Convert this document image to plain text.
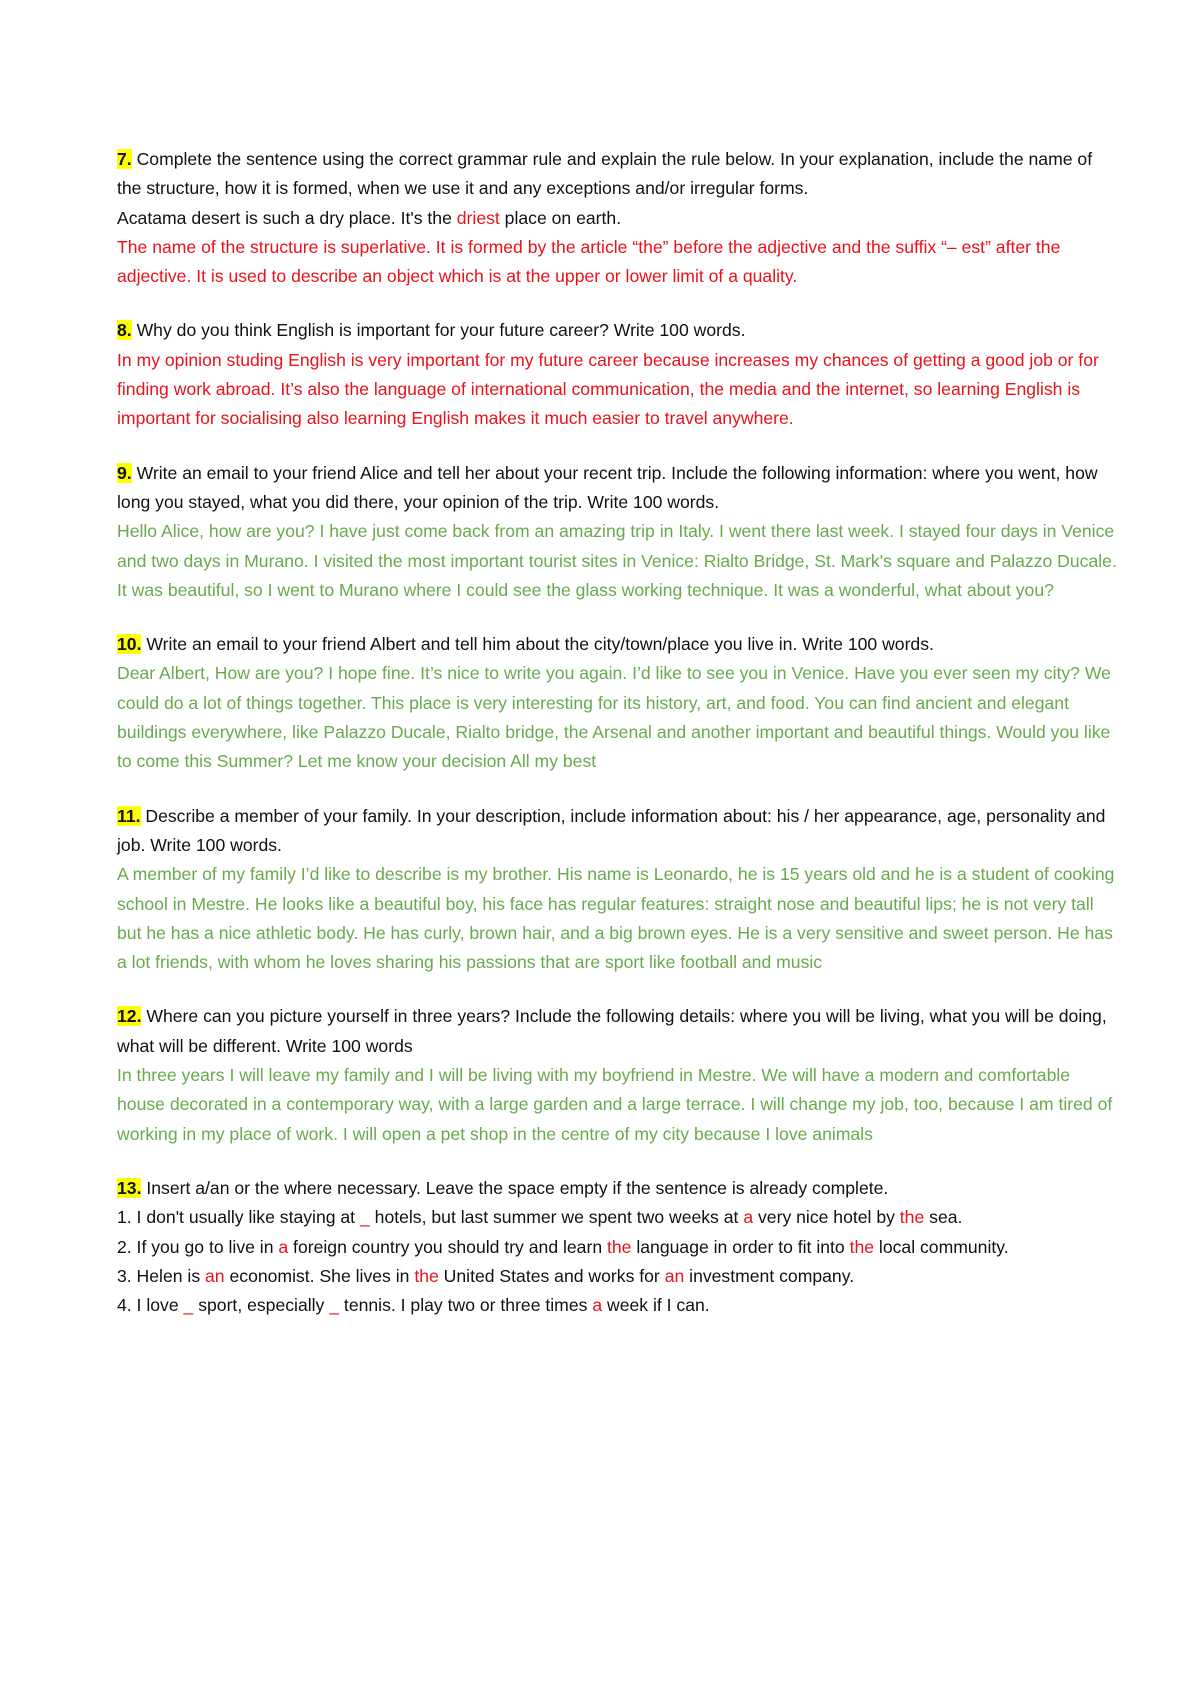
7. Complete the sentence using the correct grammar rule and explain the rule below. In your explanation, include the name of the structure, how it is formed, when we use it and any exceptions and/or irregular forms.
Acatama desert is such a dry place. It's the driest place on earth.
The name of the structure is superlative. It is formed by the article “the” before the adjective and the suffix “– est” after the adjective. It is used to describe an object which is at the upper or lower limit of a quality.
8. Why do you think English is important for your future career? Write 100 words.
In my opinion studing English is very important for my future career because increases my chances of getting a good job or for finding work abroad. It’s also the language of international communication, the media and the internet, so learning English is important for socialising also learning English makes it much easier to travel anywhere.
9. Write an email to your friend Alice and tell her about your recent trip. Include the following information: where you went, how long you stayed, what you did there, your opinion of the trip. Write 100 words.
Hello Alice, how are you? I have just come back from an amazing trip in Italy. I went there last week. I stayed four days in Venice and two days in Murano. I visited the most important tourist sites in Venice: Rialto Bridge, St. Mark's square and Palazzo Ducale. It was beautiful, so I went to Murano where I could see the glass working technique. It was a wonderful, what about you?
10. Write an email to your friend Albert and tell him about the city/town/place you live in. Write 100 words.
Dear Albert, How are you? I hope fine. It’s nice to write you again. I’d like to see you in Venice. Have you ever seen my city? We could do a lot of things together. This place is very interesting for its history, art, and food. You can find ancient and elegant buildings everywhere, like Palazzo Ducale, Rialto bridge, the Arsenal and another important and beautiful things. Would you like to come this Summer? Let me know your decision All my best
11. Describe a member of your family. In your description, include information about: his / her appearance, age, personality and job. Write 100 words.
A member of my family I’d like to describe is my brother. His name is Leonardo, he is 15 years old and he is a student of cooking school in Mestre. He looks like a beautiful boy, his face has regular features: straight nose and beautiful lips; he is not very tall but he has a nice athletic body. He has curly, brown hair, and a big brown eyes. He is a very sensitive and sweet person. He has a lot friends, with whom he loves sharing his passions that are sport like football and music
12. Where can you picture yourself in three years? Include the following details: where you will be living, what you will be doing, what will be different. Write 100 words
In three years I will leave my family and I will be living with my boyfriend in Mestre. We will have a modern and comfortable house decorated in a contemporary way, with a large garden and a large terrace. I will change my job, too, because I am tired of working in my place of work. I will open a pet shop in the centre of my city because I love animals
13. Insert a/an or the where necessary. Leave the space empty if the sentence is already complete.
1. I don't usually like staying at _ hotels, but last summer we spent two weeks at a very nice hotel by the sea.
2. If you go to live in a foreign country you should try and learn the language in order to fit into the local community.
3. Helen is an economist. She lives in the United States and works for an investment company.
4. I love _ sport, especially _ tennis. I play two or three times a week if I can.
